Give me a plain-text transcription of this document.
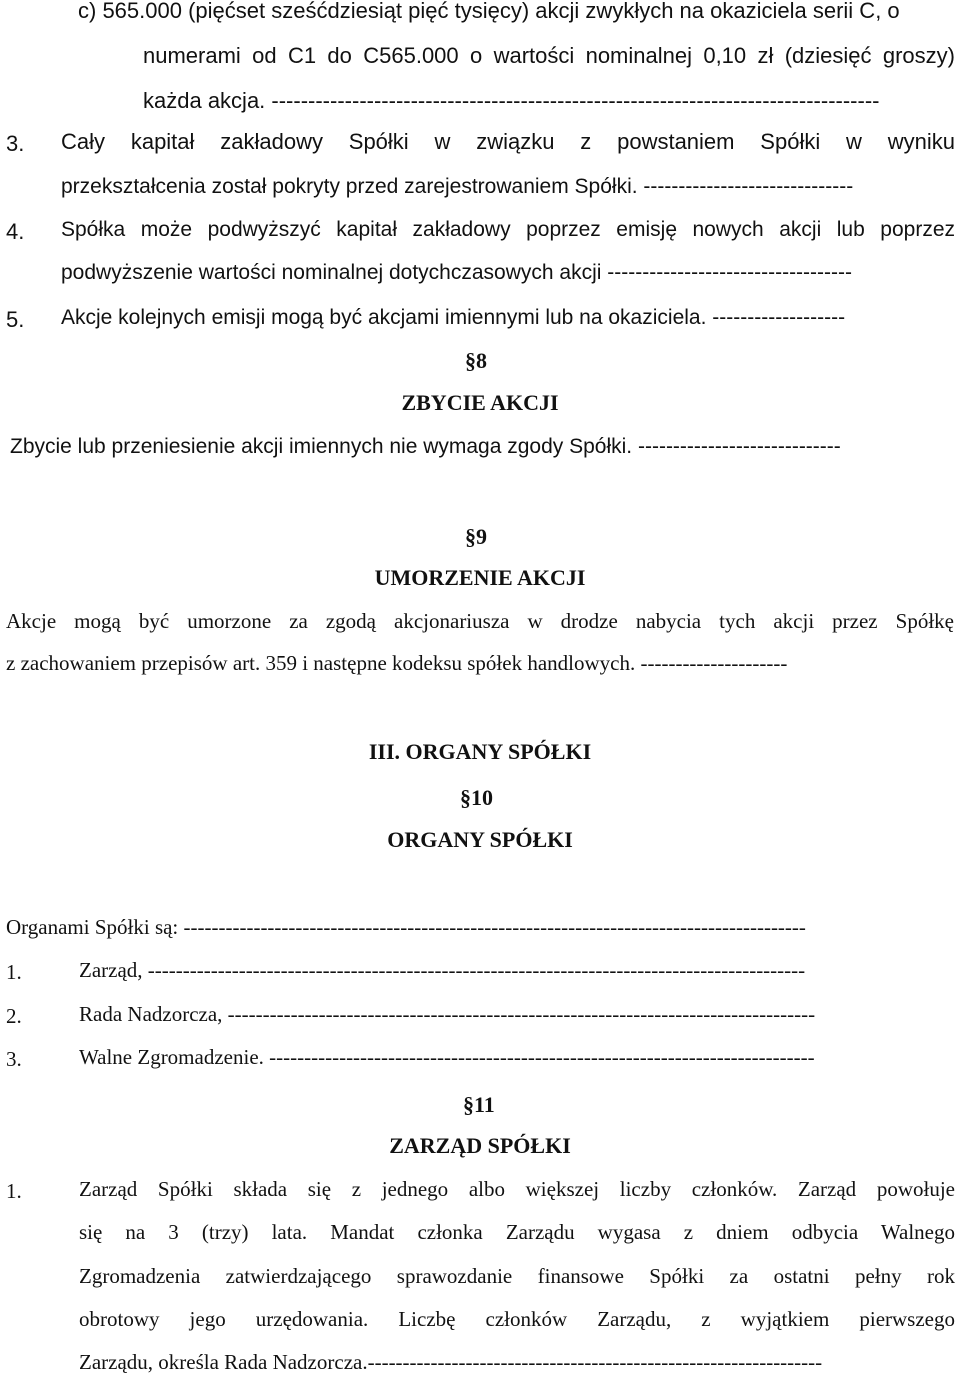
c) 565.000 (pięćset sześćdziesiąt pięć tysięcy) akcji zwykłych na okaziciela serii C, o
numerami od C1 do C565.000 o wartości nominalnej 0,10 zł (dziesięć groszy)
każda akcja. -----------------------------------------------------------------------------------
3. Cały kapitał zakładowy Spółki w związku z powstaniem Spółki w wyniku
przekształcenia został pokryty przed zarejestrowaniem Spółki. ------------------------------
4. Spółka może podwyższyć kapitał zakładowy poprzez emisję nowych akcji lub poprzez
podwyższenie wartości nominalnej dotychczasowych akcji -----------------------------------
5. Akcje kolejnych emisji mogą być akcjami imiennymi lub na okaziciela. -------------------
§8
ZBYCIE AKCJI
Zbycie lub przeniesienie akcji imiennych nie wymaga zgody Spółki. -----------------------------
§9
UMORZENIE AKCJI
Akcje mogą być umorzone za zgodą akcjonariusza w drodze nabycia tych akcji przez Spółkę
z zachowaniem przepisów art. 359 i następne kodeksu spółek handlowych. ---------------------
III. ORGANY SPÓŁKI
§10
ORGANY SPÓŁKI
Organami Spółki są: -----------------------------------------------------------------------------------------
1.	Zarząd, ----------------------------------------------------------------------------------------------
2.	Rada Nadzorcza, ------------------------------------------------------------------------------------
3.	Walne Zgromadzenie. ------------------------------------------------------------------------------
§11
ZARZĄD SPÓŁKI
1.	Zarząd Spółki składa się z jednego albo większej liczby członków. Zarząd powołuje
się na 3 (trzy) lata. Mandat członka Zarządu wygasa z dniem odbycia Walnego
Zgromadzenia zatwierdzającego sprawozdanie finansowe Spółki za ostatni pełny rok
obrotowy jego urzędowania. Liczbę członków Zarządu, z wyjątkiem pierwszego
Zarządu, określa Rada Nadzorcza.-----------------------------------------------------------------
